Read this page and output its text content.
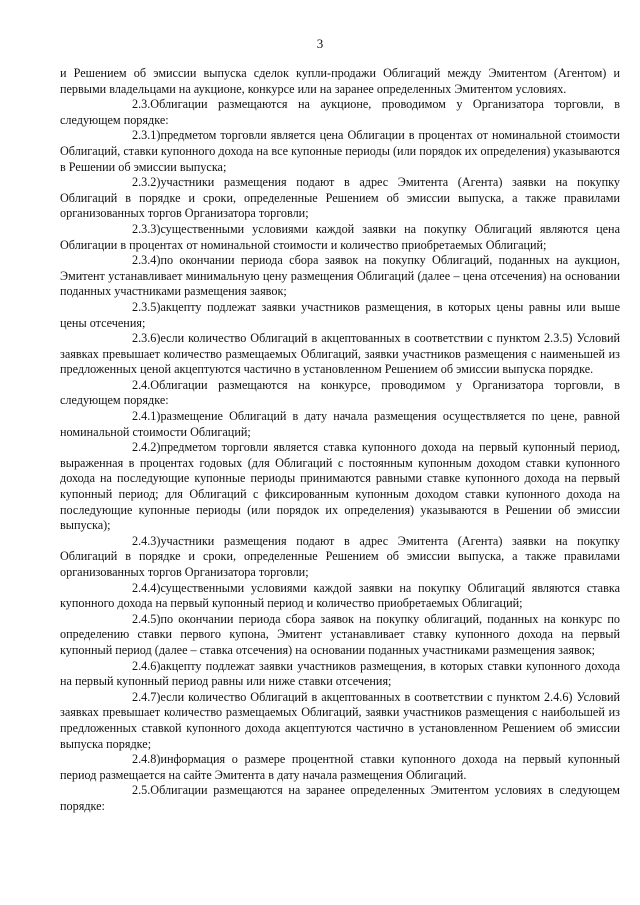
3

и Решением об эмиссии выпуска сделок купли-продажи Облигаций между Эмитентом (Агентом) и первыми владельцами на аукционе, конкурсе или на заранее определенных Эмитентом условиях.

2.3.Облигации размещаются на аукционе, проводимом у Организатора торговли, в следующем порядке:

2.3.1)предметом торговли является цена Облигации в процентах от номинальной стоимости Облигаций, ставки купонного дохода на все купонные периоды (или порядок их определения) указываются в Решении об эмиссии выпуска;

2.3.2)участники размещения подают в адрес Эмитента (Агента) заявки на покупку Облигаций в порядке и сроки, определенные Решением об эмиссии выпуска, а также правилами организованных торгов Организатора торговли;

2.3.3)существенными условиями каждой заявки на покупку Облигаций являются цена Облигации в процентах от номинальной стоимости и количество приобретаемых Облигаций;

2.3.4)по окончании периода сбора заявок на покупку Облигаций, поданных на аукцион, Эмитент устанавливает минимальную цену размещения Облигаций (далее – цена отсечения) на основании поданных участниками размещения заявок;

2.3.5)акцепту подлежат заявки участников размещения, в которых цены равны или выше цены отсечения;

2.3.6)если количество Облигаций в акцептованных в соответствии с пунктом 2.3.5) Условий заявках превышает количество размещаемых Облигаций, заявки участников размещения с наименьшей из предложенных ценой акцептуются частично в установленном Решением об эмиссии выпуска порядке.

2.4.Облигации размещаются на конкурсе, проводимом у Организатора торговли, в следующем порядке:

2.4.1)размещение Облигаций в дату начала размещения осуществляется по цене, равной номинальной стоимости Облигаций;

2.4.2)предметом торговли является ставка купонного дохода на первый купонный период, выраженная в процентах годовых (для Облигаций с постоянным купонным доходом ставки купонного дохода на последующие купонные периоды принимаются равными ставке купонного дохода на первый купонный период; для Облигаций с фиксированным купонным доходом ставки купонного дохода на последующие купонные периоды (или порядок их определения) указываются в Решении об эмиссии выпуска);

2.4.3)участники размещения подают в адрес Эмитента (Агента) заявки на покупку Облигаций в порядке и сроки, определенные Решением об эмиссии выпуска, а также правилами организованных торгов Организатора торговли;

2.4.4)существенными условиями каждой заявки на покупку Облигаций являются ставка купонного дохода на первый купонный период и количество приобретаемых Облигаций;

2.4.5)по окончании периода сбора заявок на покупку облигаций, поданных на конкурс по определению ставки первого купона, Эмитент устанавливает ставку купонного дохода на первый купонный период (далее – ставка отсечения) на основании поданных участниками размещения заявок;

2.4.6)акцепту подлежат заявки участников размещения, в которых ставки купонного дохода на первый купонный период равны или ниже ставки отсечения;

2.4.7)если количество Облигаций в акцептованных в соответствии с пунктом 2.4.6) Условий заявках превышает количество размещаемых Облигаций, заявки участников размещения с наибольшей из предложенных ставкой купонного дохода акцептуются частично в установленном Решением об эмиссии выпуска порядке;

2.4.8)информация о размере процентной ставки купонного дохода на первый купонный период размещается на сайте Эмитента в дату начала размещения Облигаций.

2.5.Облигации размещаются на заранее определенных Эмитентом условиях в следующем порядке:
